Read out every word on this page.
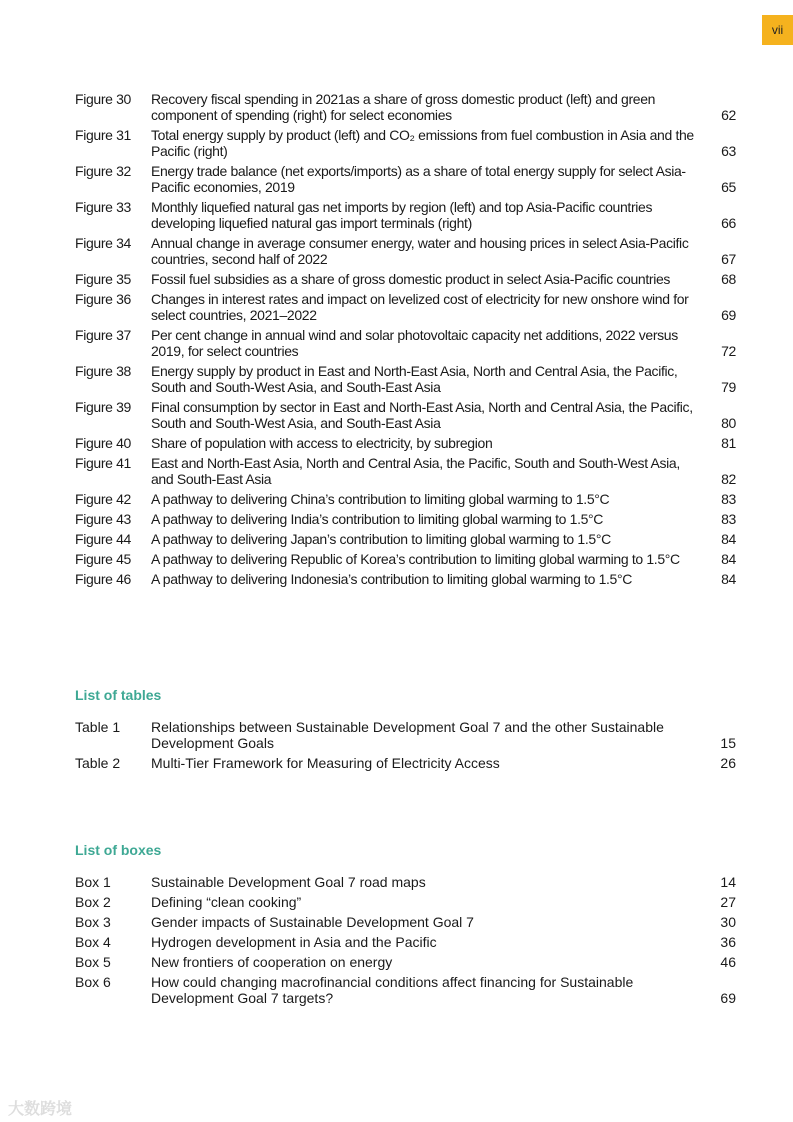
vii
Figure 30	Recovery fiscal spending in 2021as a share of gross domestic product (left) and green component of spending (right) for select economies	62
Figure 31	Total energy supply by product (left) and CO₂ emissions from fuel combustion in Asia and the Pacific (right)	63
Figure 32	Energy trade balance (net exports/imports) as a share of total energy supply for select Asia-Pacific economies, 2019	65
Figure 33	Monthly liquefied natural gas net imports by region (left) and top Asia-Pacific countries developing liquefied natural gas import terminals (right)	66
Figure 34	Annual change in average consumer energy, water and housing prices in select Asia-Pacific countries, second half of 2022	67
Figure 35	Fossil fuel subsidies as a share of gross domestic product in select Asia-Pacific countries	68
Figure 36	Changes in interest rates and impact on levelized cost of electricity for new onshore wind for select countries, 2021–2022	69
Figure 37	Per cent change in annual wind and solar photovoltaic capacity net additions, 2022 versus 2019, for select countries	72
Figure 38	Energy supply by product in East and North-East Asia, North and Central Asia, the Pacific, South and South-West Asia, and South-East Asia	79
Figure 39	Final consumption by sector in East and North-East Asia, North and Central Asia, the Pacific, South and South-West Asia, and South-East Asia	80
Figure 40	Share of population with access to electricity, by subregion	81
Figure 41	East and North-East Asia, North and Central Asia, the Pacific, South and South-West Asia, and South-East Asia	82
Figure 42	A pathway to delivering China’s contribution to limiting global warming to 1.5°C	83
Figure 43	A pathway to delivering India’s contribution to limiting global warming to 1.5°C	83
Figure 44	A pathway to delivering Japan’s contribution to limiting global warming to 1.5°C	84
Figure 45	A pathway to delivering Republic of Korea’s contribution to limiting global warming to 1.5°C	84
Figure 46	A pathway to delivering Indonesia’s contribution to limiting global warming to 1.5°C	84
List of tables
Table 1	Relationships between Sustainable Development Goal 7 and the other Sustainable Development Goals	15
Table 2	Multi-Tier Framework for Measuring of Electricity Access	26
List of boxes
Box 1	Sustainable Development Goal 7 road maps	14
Box 2	Defining “clean cooking”	27
Box 3	Gender impacts of Sustainable Development Goal 7	30
Box 4	Hydrogen development in Asia and the Pacific	36
Box 5	New frontiers of cooperation on energy	46
Box 6	How could changing macrofinancial conditions affect financing for Sustainable Development Goal 7 targets?	69
大数跨境
